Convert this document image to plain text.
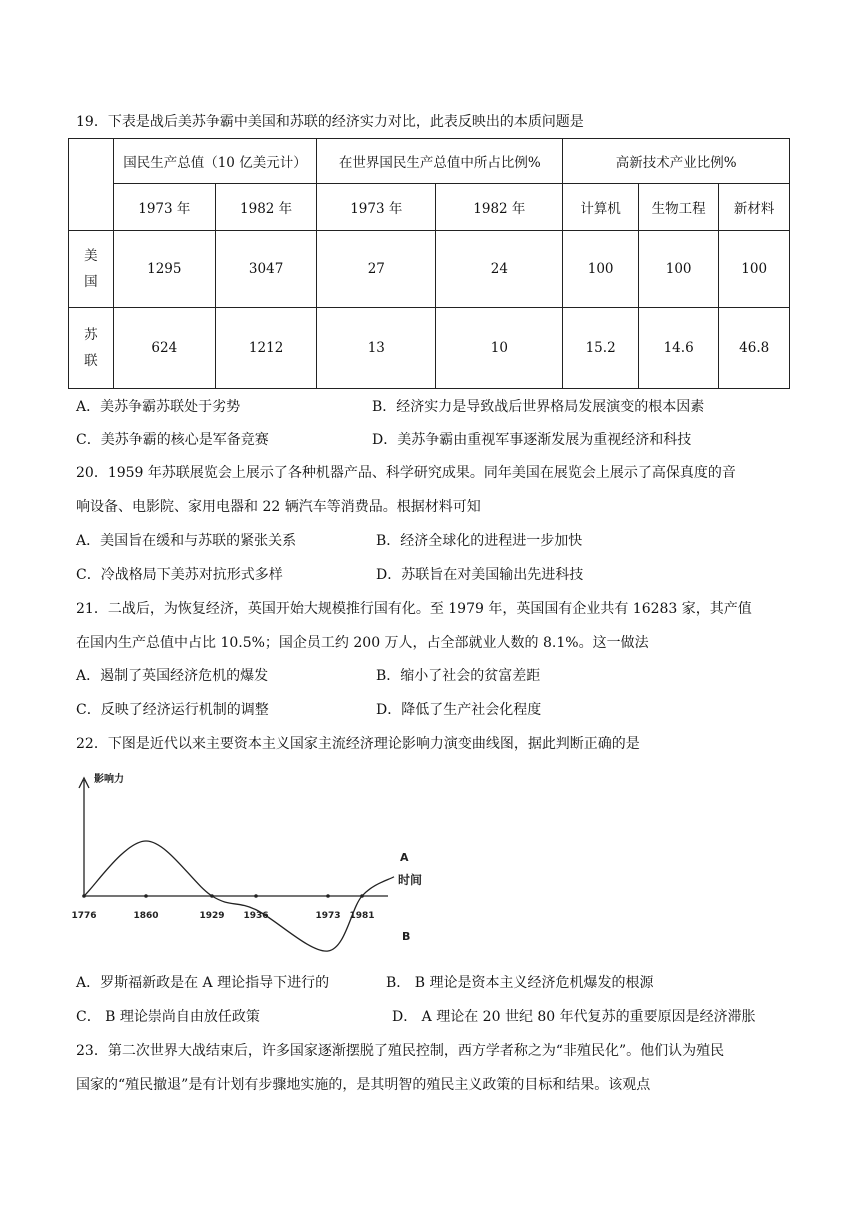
19．下表是战后美苏争霸中美国和苏联的经济实力对比，此表反映出的本质问题是
	国民生产总值（10 亿美元计）		在世界国民生产总值中所占比例%		高新技术产业比例%		
	1973 年	1982 年	1973 年	1982 年	计算机	生物工程	新材料

美
国	1295	3047	27	24	100	100	100

苏
联	624	1212	13	10	15.2	14.6	46.8
A．美苏争霸苏联处于劣势	B．经济实力是导致战后世界格局发展演变的根本因素
C．美苏争霸的核心是军备竞赛	D．美苏争霸由重视军事逐渐发展为重视经济和科技
20．1959 年苏联展览会上展示了各种机器产品、科学研究成果。同年美国在展览会上展示了高保真度的音
响设备、电影院、家用电器和 22 辆汽车等消费品。根据材料可知
A．美国旨在缓和与苏联的紧张关系	B．经济全球化的进程进一步加快
C．冷战格局下美苏对抗形式多样	D．苏联旨在对美国输出先进科技
21．二战后，为恢复经济，英国开始大规模推行国有化。至 1979 年，英国国有企业共有 16283 家，其产值
在国内生产总值中占比 10.5%；国企员工约 200 万人，占全部就业人数的 8.1%。这一做法
A．遏制了英国经济危机的爆发	B．缩小了社会的贫富差距
C．反映了经济运行机制的调整	D．降低了生产社会化程度
22．下图是近代以来主要资本主义国家主流经济理论影响力演变曲线图，据此判断正确的是
影响力
时间
1776	1860	1929 1936	1973 1981
A
B
A．罗斯福新政是在 A 理论指导下进行的	B． B 理论是资本主义经济危机爆发的根源
C． B 理论崇尚自由放任政策	D． A 理论在 20 世纪 80 年代复苏的重要原因是经济滞胀
23．第二次世界大战结束后，许多国家逐渐摆脱了殖民控制，西方学者称之为“非殖民化”。他们认为殖民
国家的“殖民撤退”是有计划有步骤地实施的，是其明智的殖民主义政策的目标和结果。该观点
